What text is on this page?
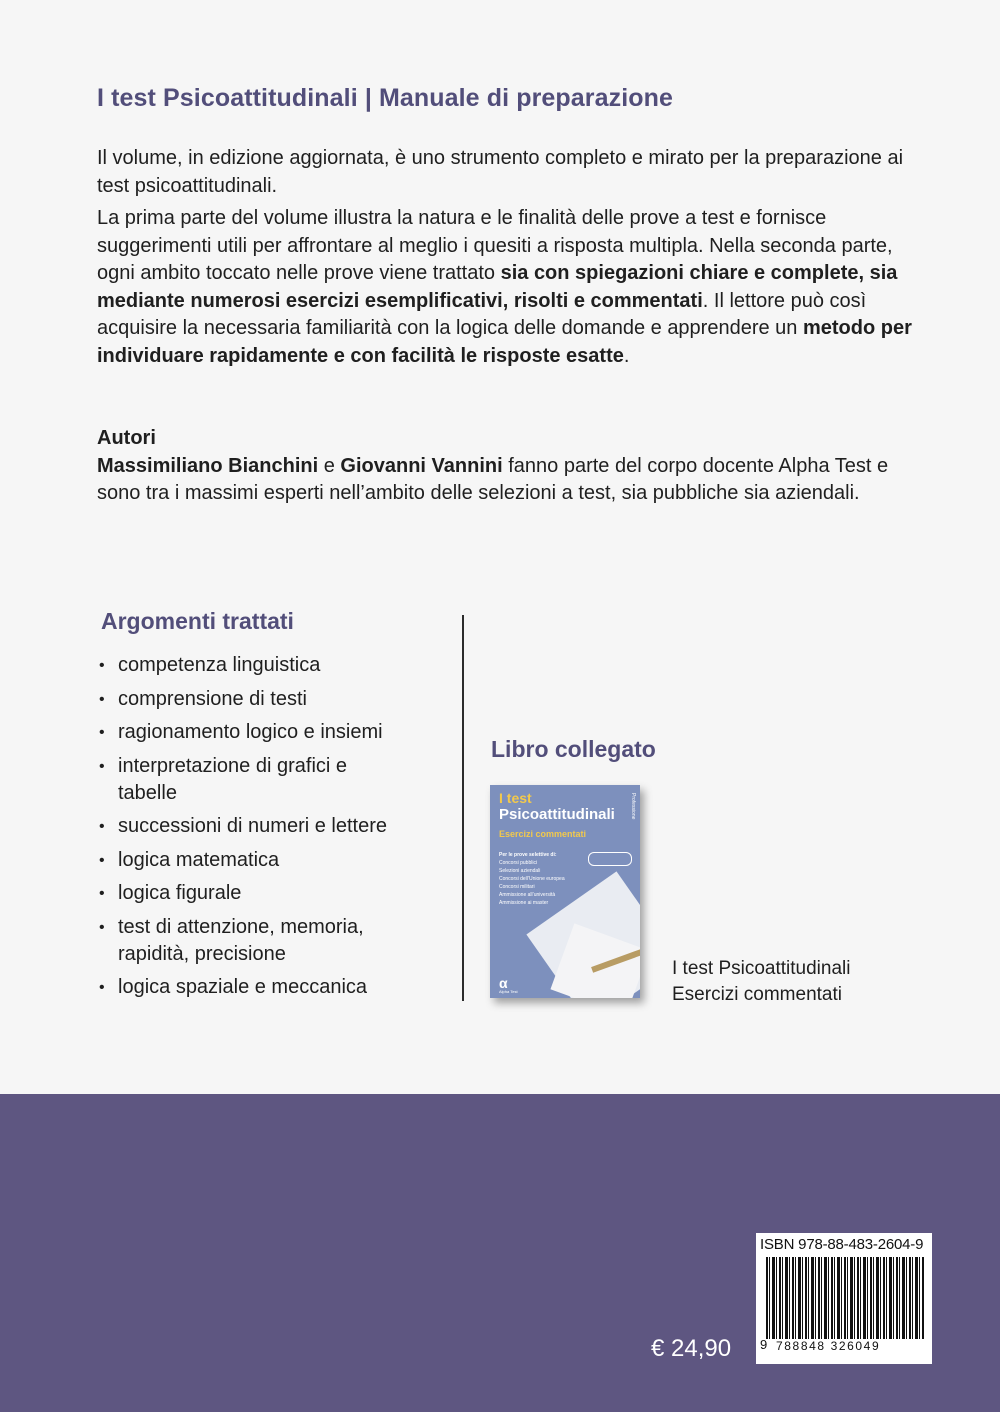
I test Psicoattitudinali | Manuale di preparazione

Il volume, in edizione aggiornata, è uno strumento completo e mirato per la preparazione ai test psicoattitudinali.

La prima parte del volume illustra la natura e le finalità delle prove a test e fornisce suggerimenti utili per affrontare al meglio i quesiti a risposta multipla. Nella seconda parte, ogni ambito toccato nelle prove viene trattato sia con spiegazioni chiare e complete, sia mediante numerosi esercizi esemplificativi, risolti e commentati. Il lettore può così acquisire la necessaria familiarità con la logica delle domande e apprendere un metodo per individuare rapidamente e con facilità le risposte esatte.

Autori
Massimiliano Bianchini e Giovanni Vannini fanno parte del corpo docente Alpha Test e sono tra i massimi esperti nell’ambito delle selezioni a test, sia pubbliche sia aziendali.
Argomenti trattati
• competenza linguistica
• comprensione di testi
• ragionamento logico e insiemi
• interpretazione di grafici e tabelle
• successioni di numeri e lettere
• logica matematica
• logica figurale
• test di attenzione, memoria, rapidità, precisione
• logica spaziale e meccanica
Libro collegato
I test
Psicoattitudinali
Esercizi commentati
Professione
Per le prove selettive di:
Concorsi pubblici
Selezioni aziendali
Concorsi dell’Unione europea
Concorsi militari
Ammissione all’università
Ammissione ai master
α
Alpha Test
I test Psicoattitudinali
Esercizi commentati
€ 24,90
ISBN 978-88-483-2604-9
9 788848 326049
